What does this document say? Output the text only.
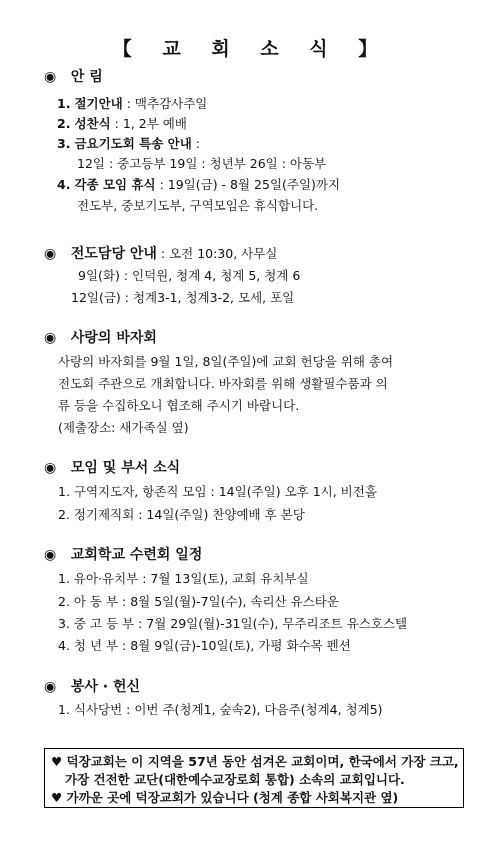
【 교 회 소 식 】
◉ 안 림
1. 절기안내 : 맥추감사주일
2. 성찬식 : 1, 2부 예배
3. 금요기도회 특송 안내 :
12일 : 중고등부 19일 : 청년부 26일 : 아동부
4. 각종 모임 휴식 : 19일(금) - 8월 25일(주일)까지
전도부, 중보기도부, 구역모임은 휴식합니다.
◉ 전도담당 안내 : 오전 10:30, 사무실
9일(화) : 인덕원, 청계 4, 청계 5, 청계 6
12일(금) : 청계3-1, 청계3-2, 모세, 포일
◉ 사랑의 바자회
사랑의 바자회를 9월 1일, 8일(주일)에 교회 헌당을 위해 총여
전도회 주관으로 개최합니다. 바자회를 위해 생활필수품과 의
류 등을 수집하오니 협조해 주시기 바랍니다.
(제출장소: 새가족실 옆)
◉ 모임 및 부서 소식
1. 구역지도자, 항존직 모임 : 14일(주일) 오후 1시, 비전홀
2. 정기제직회 : 14일(주일) 찬양예배 후 본당
◉ 교회학교 수련회 일정
1. 유아·유치부 : 7월 13일(토), 교회 유치부실
2. 아 동 부 : 8월 5일(월)-7일(수), 속리산 유스타운
3. 중 고 등 부 : 7월 29일(월)-31일(수), 무주리조트 유스호스텔
4. 청 년 부 : 8월 9일(금)-10일(토), 가평 화수목 펜션
◉ 봉사 · 헌신
1. 식사당번 : 이번 주(청계1, 숲속2), 다음주(청계4, 청계5)
♥ 덕장교회는 이 지역을 57년 동안 섬겨온 교회이며, 한국에서 가장 크고,
가장 건전한 교단(대한예수교장로회 통합) 소속의 교회입니다.
♥ 가까운 곳에 덕장교회가 있습니다 (청계 종합 사회복지관 옆)
